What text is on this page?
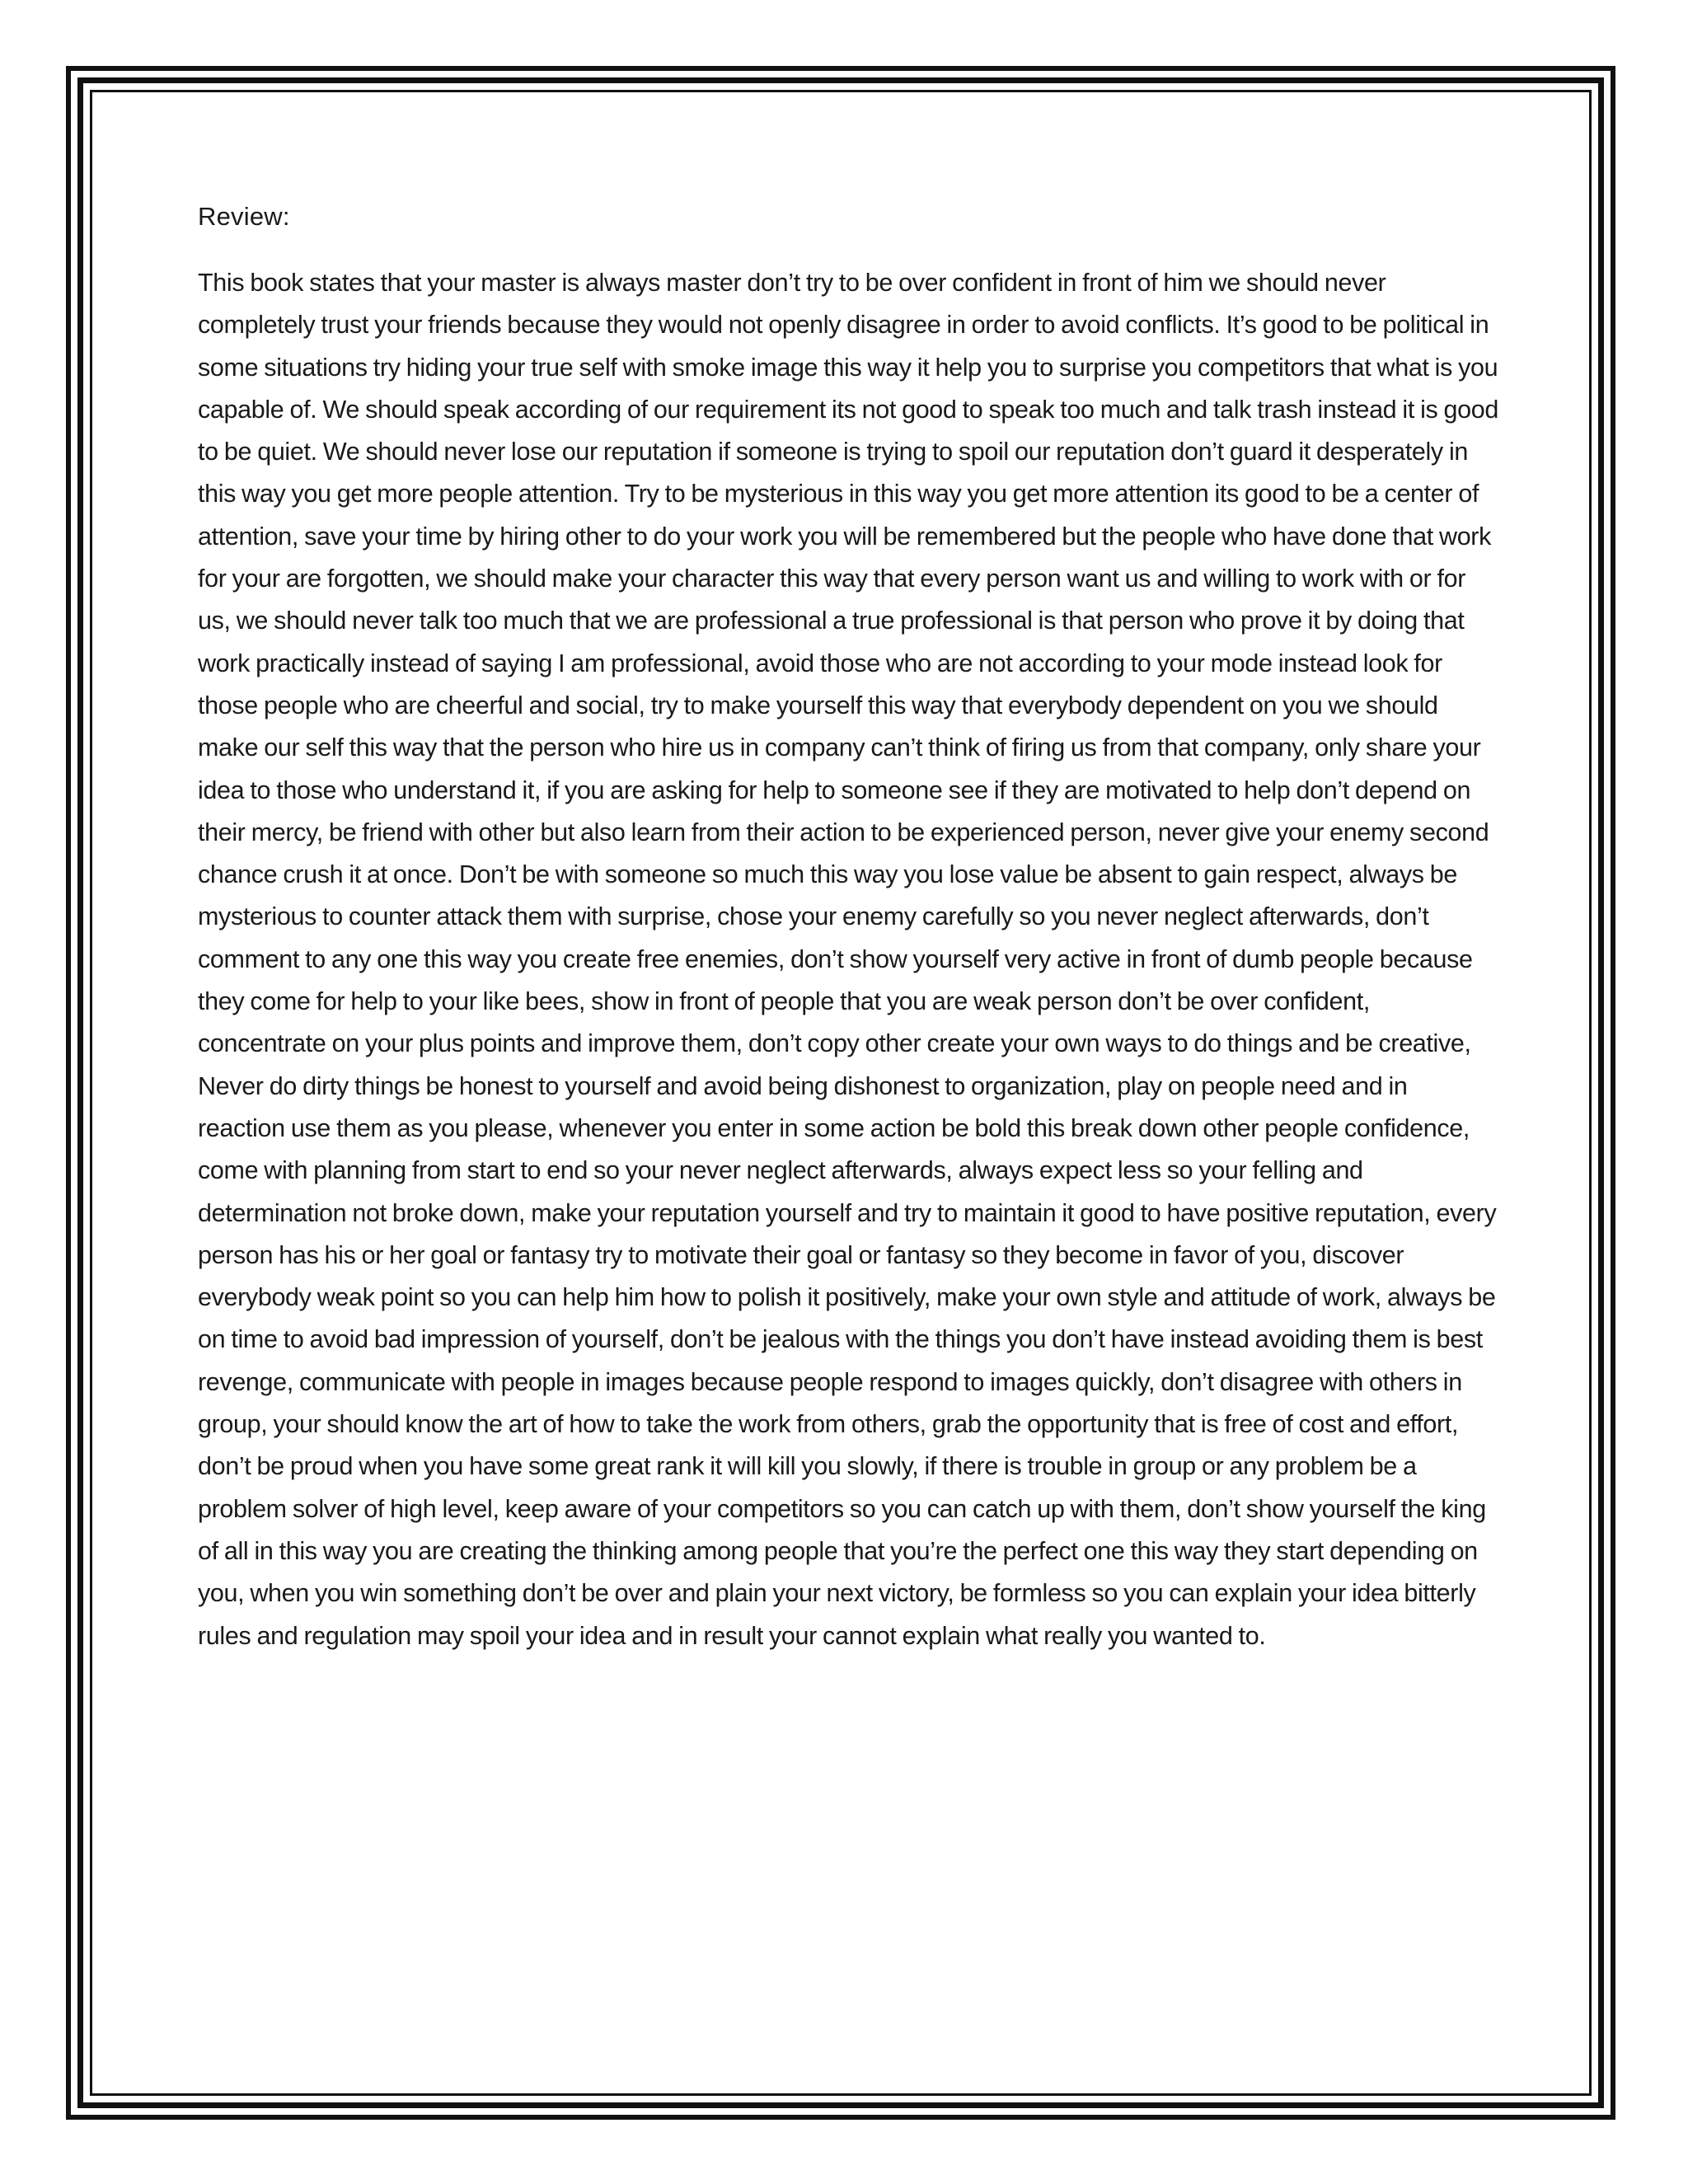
Review:

This book states that your master is always master don’t try to be over confident in front of him we should never completely trust your friends because they would not openly disagree in order to avoid conflicts. It’s good to be political in some situations try hiding your true self with smoke image this way it help you to surprise you competitors that what is you capable of. We should speak according of our requirement its not good to speak too much and talk trash instead it is good to be quiet. We should never lose our reputation if someone is trying to spoil our reputation don’t guard it desperately in this way you get more people attention. Try to be mysterious in this way you get more attention its good to be a center of attention, save your time by hiring other to do your work you will be remembered but the people who have done that work for your are forgotten, we should make your character this way that every person want us and willing to work with or for us, we should never talk too much that we are professional a true professional is that person who prove it by doing that work practically instead of saying I am professional, avoid those who are not according to your mode instead look for those people who are cheerful and social, try to make yourself this way that everybody dependent on you we should make our self this way that the person who hire us in company can’t think of firing us from that company, only share your idea to those who understand it, if you are asking for help to someone see if they are motivated to help don’t depend on their mercy, be friend with other but also learn from their action to be experienced person, never give your enemy second chance crush it at once. Don’t be with someone so much this way you lose value be absent to gain respect, always be mysterious to counter attack them with surprise, chose your enemy carefully so you never neglect afterwards, don’t comment to any one this way you create free enemies, don’t show yourself very active in front of dumb people because they come for help to your like bees, show in front of people that you are weak person don’t be over confident, concentrate on your plus points and improve them, don’t copy other create your own ways to do things and be creative, Never do dirty things be honest to yourself and avoid being dishonest to organization, play on people need and in reaction use them as you please, whenever you enter in some action be bold this break down other people confidence, come with planning from start to end so your never neglect afterwards, always expect less so your felling and determination not broke down, make your reputation yourself and try to maintain it good to have positive reputation, every person has his or her goal or fantasy try to motivate their goal or fantasy so they become in favor of you, discover everybody weak point so you can help him how to polish it positively, make your own style and attitude of work, always be on time to avoid bad impression of yourself, don’t be jealous with the things you don’t have instead avoiding them is best revenge, communicate with people in images because people respond to images quickly, don’t disagree with others in group, your should know the art of how to take the work from others, grab the opportunity that is free of cost and effort, don’t be proud when you have some great rank it will kill you slowly, if there is trouble in group or any problem be a problem solver of high level, keep aware of your competitors so you can catch up with them, don’t show yourself the king of all in this way you are creating the thinking among people that you’re the perfect one this way they start depending on you, when you win something don’t be over and plain your next victory, be formless so you can explain your idea bitterly rules and regulation may spoil your idea and in result your cannot explain what really you wanted to.
